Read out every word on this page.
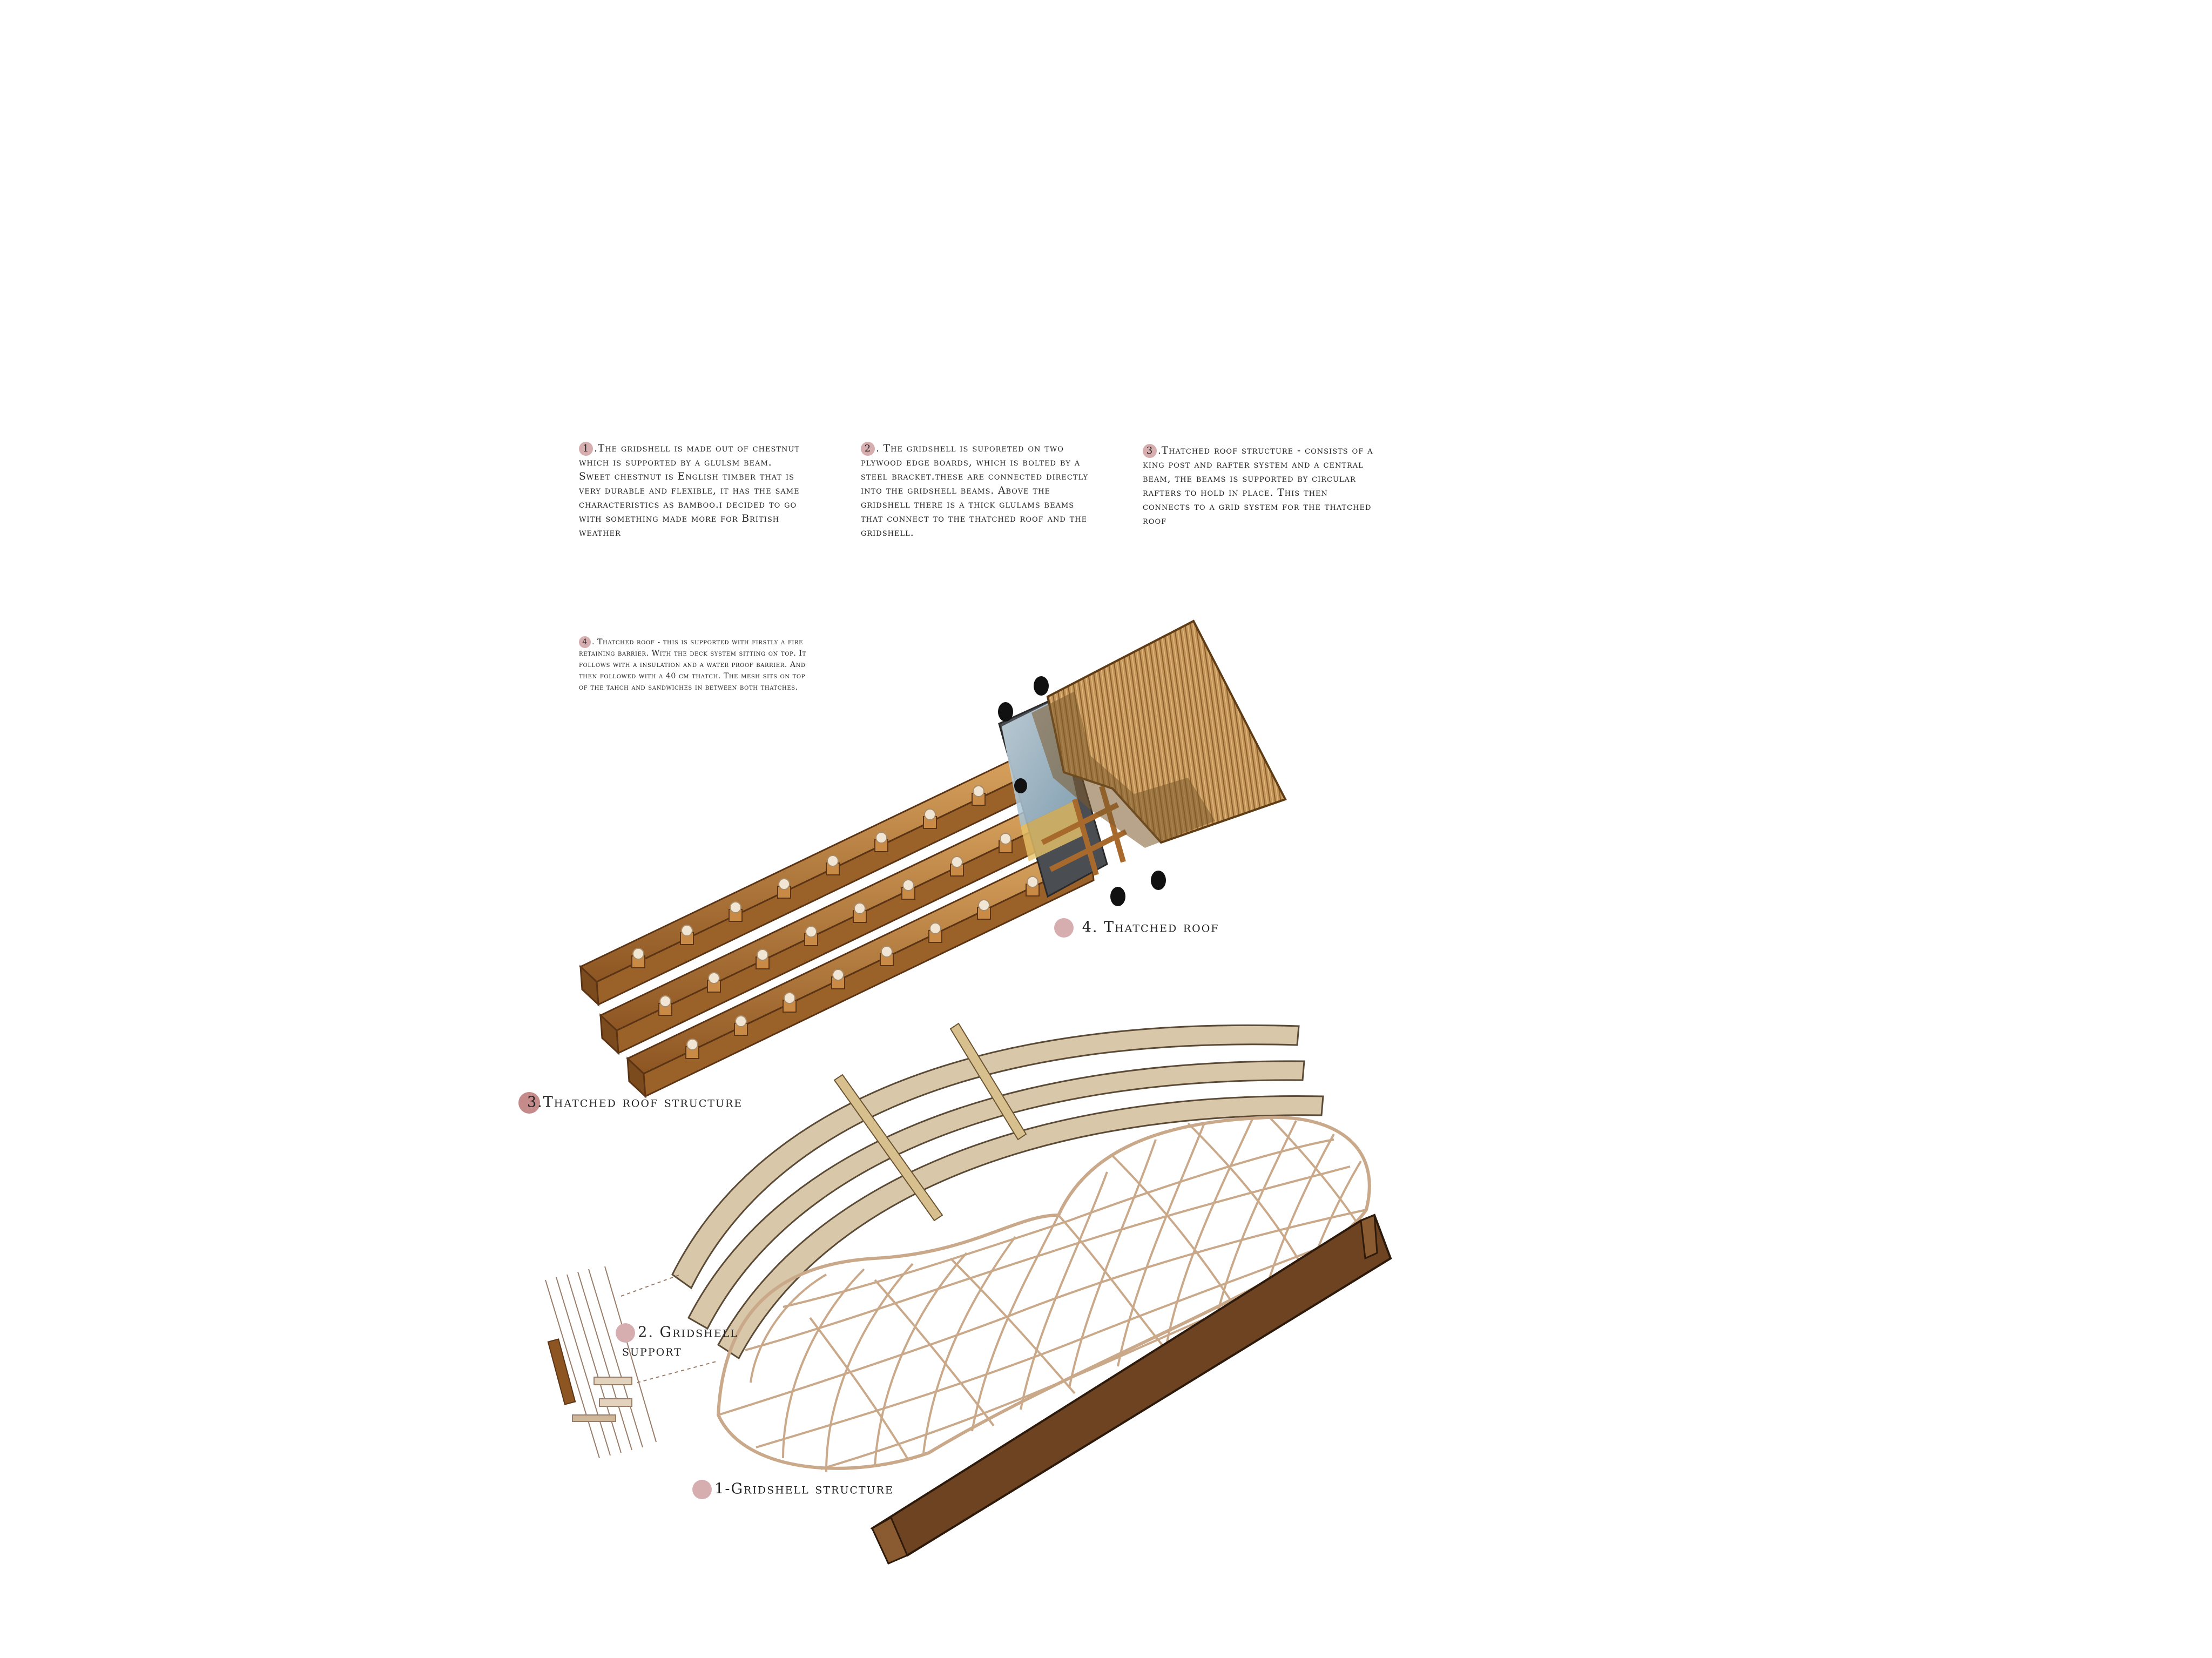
1 .The gridshell is made out of chestnut which is supported by a glulsm beam. Sweet chestnut is English timber that is very durable and flexible, it has the same characteristics as bamboo.i decided to go with something made more for British weather
2 . The gridshell is suporeted on two plywood edge boards, which is bolted by a steel bracket.these are connected directly into the gridshell beams. Above the gridshell there is a thick glulams beams that connect to the thatched roof and the gridshell.
3 .Thatched roof structure - consists of a king post and rafter system and a central beam, the beams is supported by circular rafters to hold in place. This then connects to a grid system for the thatched roof
4 . Thatched roof - this is supported with firstly a fire retaining barrier. With the deck system sitting on top. It follows with a insulation and a water proof barrier. And then followed with a 40 cm thatch. The mesh sits on top of the tahch and sandwiches in between both thatches.
4. Thatched roof
3.Thatched roof structure
2. Gridshell
support
1-Gridshell structure
